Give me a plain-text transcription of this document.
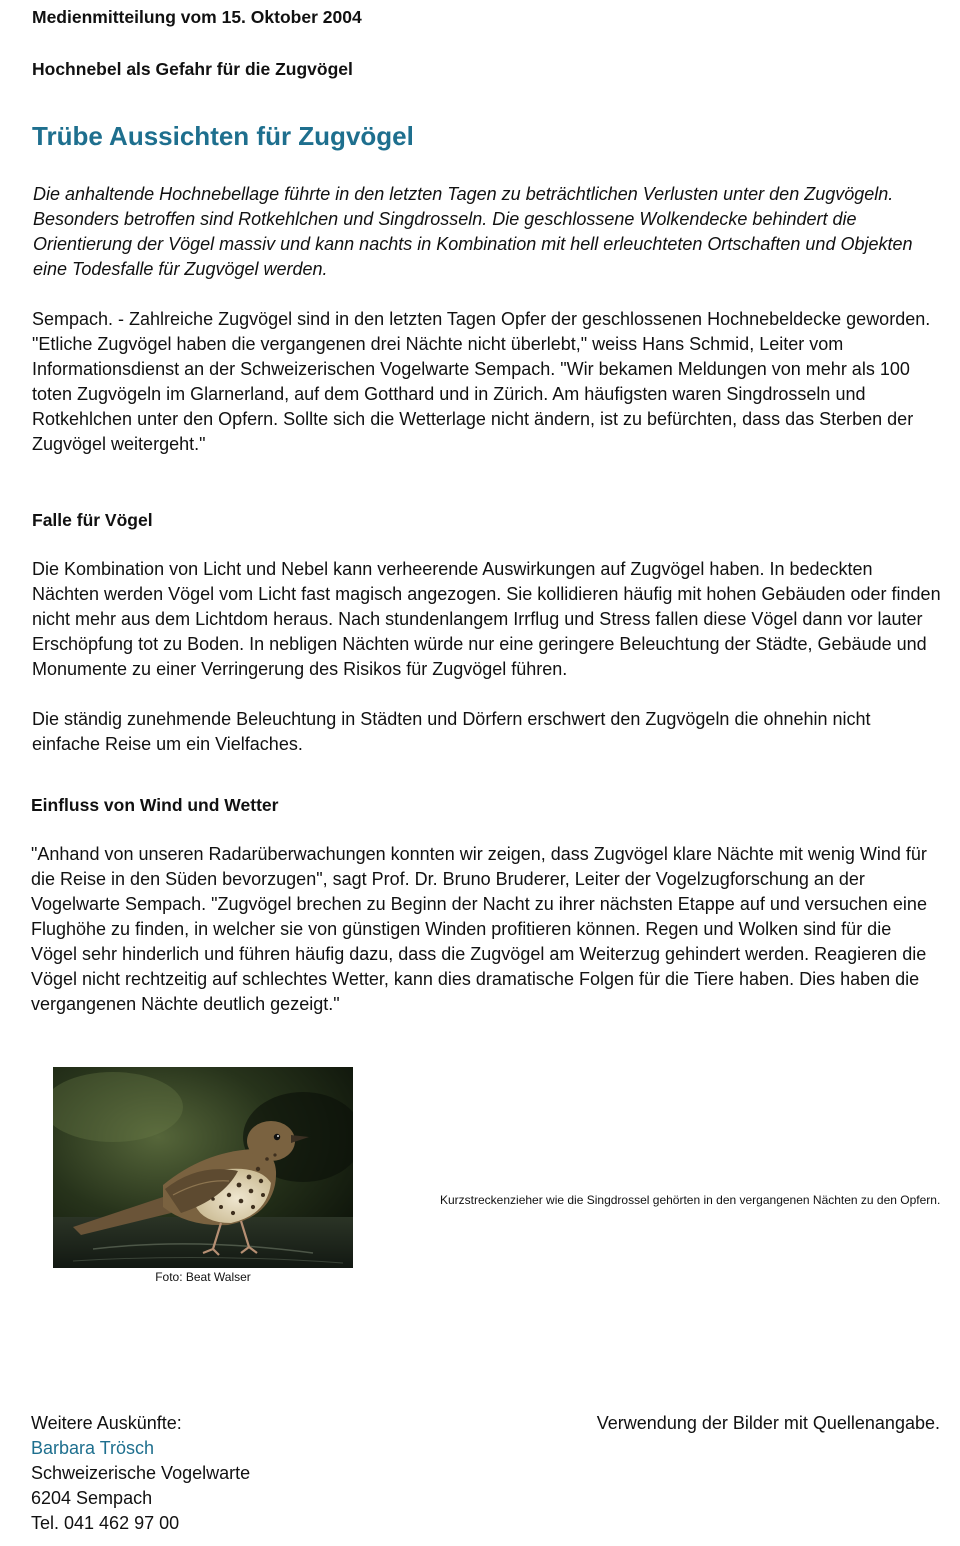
Medienmitteilung vom 15. Oktober 2004

Hochnebel als Gefahr für die Zugvögel

Trübe Aussichten für Zugvögel

Die anhaltende Hochnebellage führte in den letzten Tagen zu beträchtlichen Verlusten unter den Zugvögeln. Besonders betroffen sind Rotkehlchen und Singdrosseln. Die geschlossene Wolkendecke behindert die Orientierung der Vögel massiv und kann nachts in Kombination mit hell erleuchteten Ortschaften und Objekten eine Todesfalle für Zugvögel werden.

Sempach. - Zahlreiche Zugvögel sind in den letzten Tagen Opfer der geschlossenen Hochnebeldecke geworden. "Etliche Zugvögel haben die vergangenen drei Nächte nicht überlebt," weiss Hans Schmid, Leiter vom Informationsdienst an der Schweizerischen Vogelwarte Sempach. "Wir bekamen Meldungen von mehr als 100 toten Zugvögeln im Glarnerland, auf dem Gotthard und in Zürich. Am häufigsten waren Singdrosseln und Rotkehlchen unter den Opfern. Sollte sich die Wetterlage nicht ändern, ist zu befürchten, dass das Sterben der Zugvögel weitergeht."

Falle für Vögel

Die Kombination von Licht und Nebel kann verheerende Auswirkungen auf Zugvögel haben. In bedeckten Nächten werden Vögel vom Licht fast magisch angezogen. Sie kollidieren häufig mit hohen Gebäuden oder finden nicht mehr aus dem Lichtdom heraus. Nach stundenlangem Irrflug und Stress fallen diese Vögel dann vor lauter Erschöpfung tot zu Boden. In nebligen Nächten würde nur eine geringere Beleuchtung der Städte, Gebäude und Monumente zu einer Verringerung des Risikos für Zugvögel führen.

Die ständig zunehmende Beleuchtung in Städten und Dörfern erschwert den Zugvögeln die ohnehin nicht einfache Reise um ein Vielfaches.

Einfluss von Wind und Wetter

"Anhand von unseren Radarüberwachungen konnten wir zeigen, dass Zugvögel klare Nächte mit wenig Wind für die Reise in den Süden bevorzugen", sagt Prof. Dr. Bruno Bruderer, Leiter der Vogelzugforschung an der Vogelwarte Sempach. "Zugvögel brechen zu Beginn der Nacht zu ihrer nächsten Etappe auf und versuchen eine Flughöhe zu finden, in welcher sie von günstigen Winden profitieren können. Regen und Wolken sind für die Vögel sehr hinderlich und führen häufig dazu, dass die Zugvögel am Weiterzug gehindert werden. Reagieren die Vögel nicht rechtzeitig auf schlechtes Wetter, kann dies dramatische Folgen für die Tiere haben. Dies haben die vergangenen Nächte deutlich gezeigt."

Foto: Beat Walser

Kurzstreckenzieher wie die Singdrossel gehörten in den vergangenen Nächten zu den Opfern.

Weitere Auskünfte:
Barbara Trösch
Schweizerische Vogelwarte
6204 Sempach
Tel. 041 462 97 00

Verwendung der Bilder mit Quellenangabe.
